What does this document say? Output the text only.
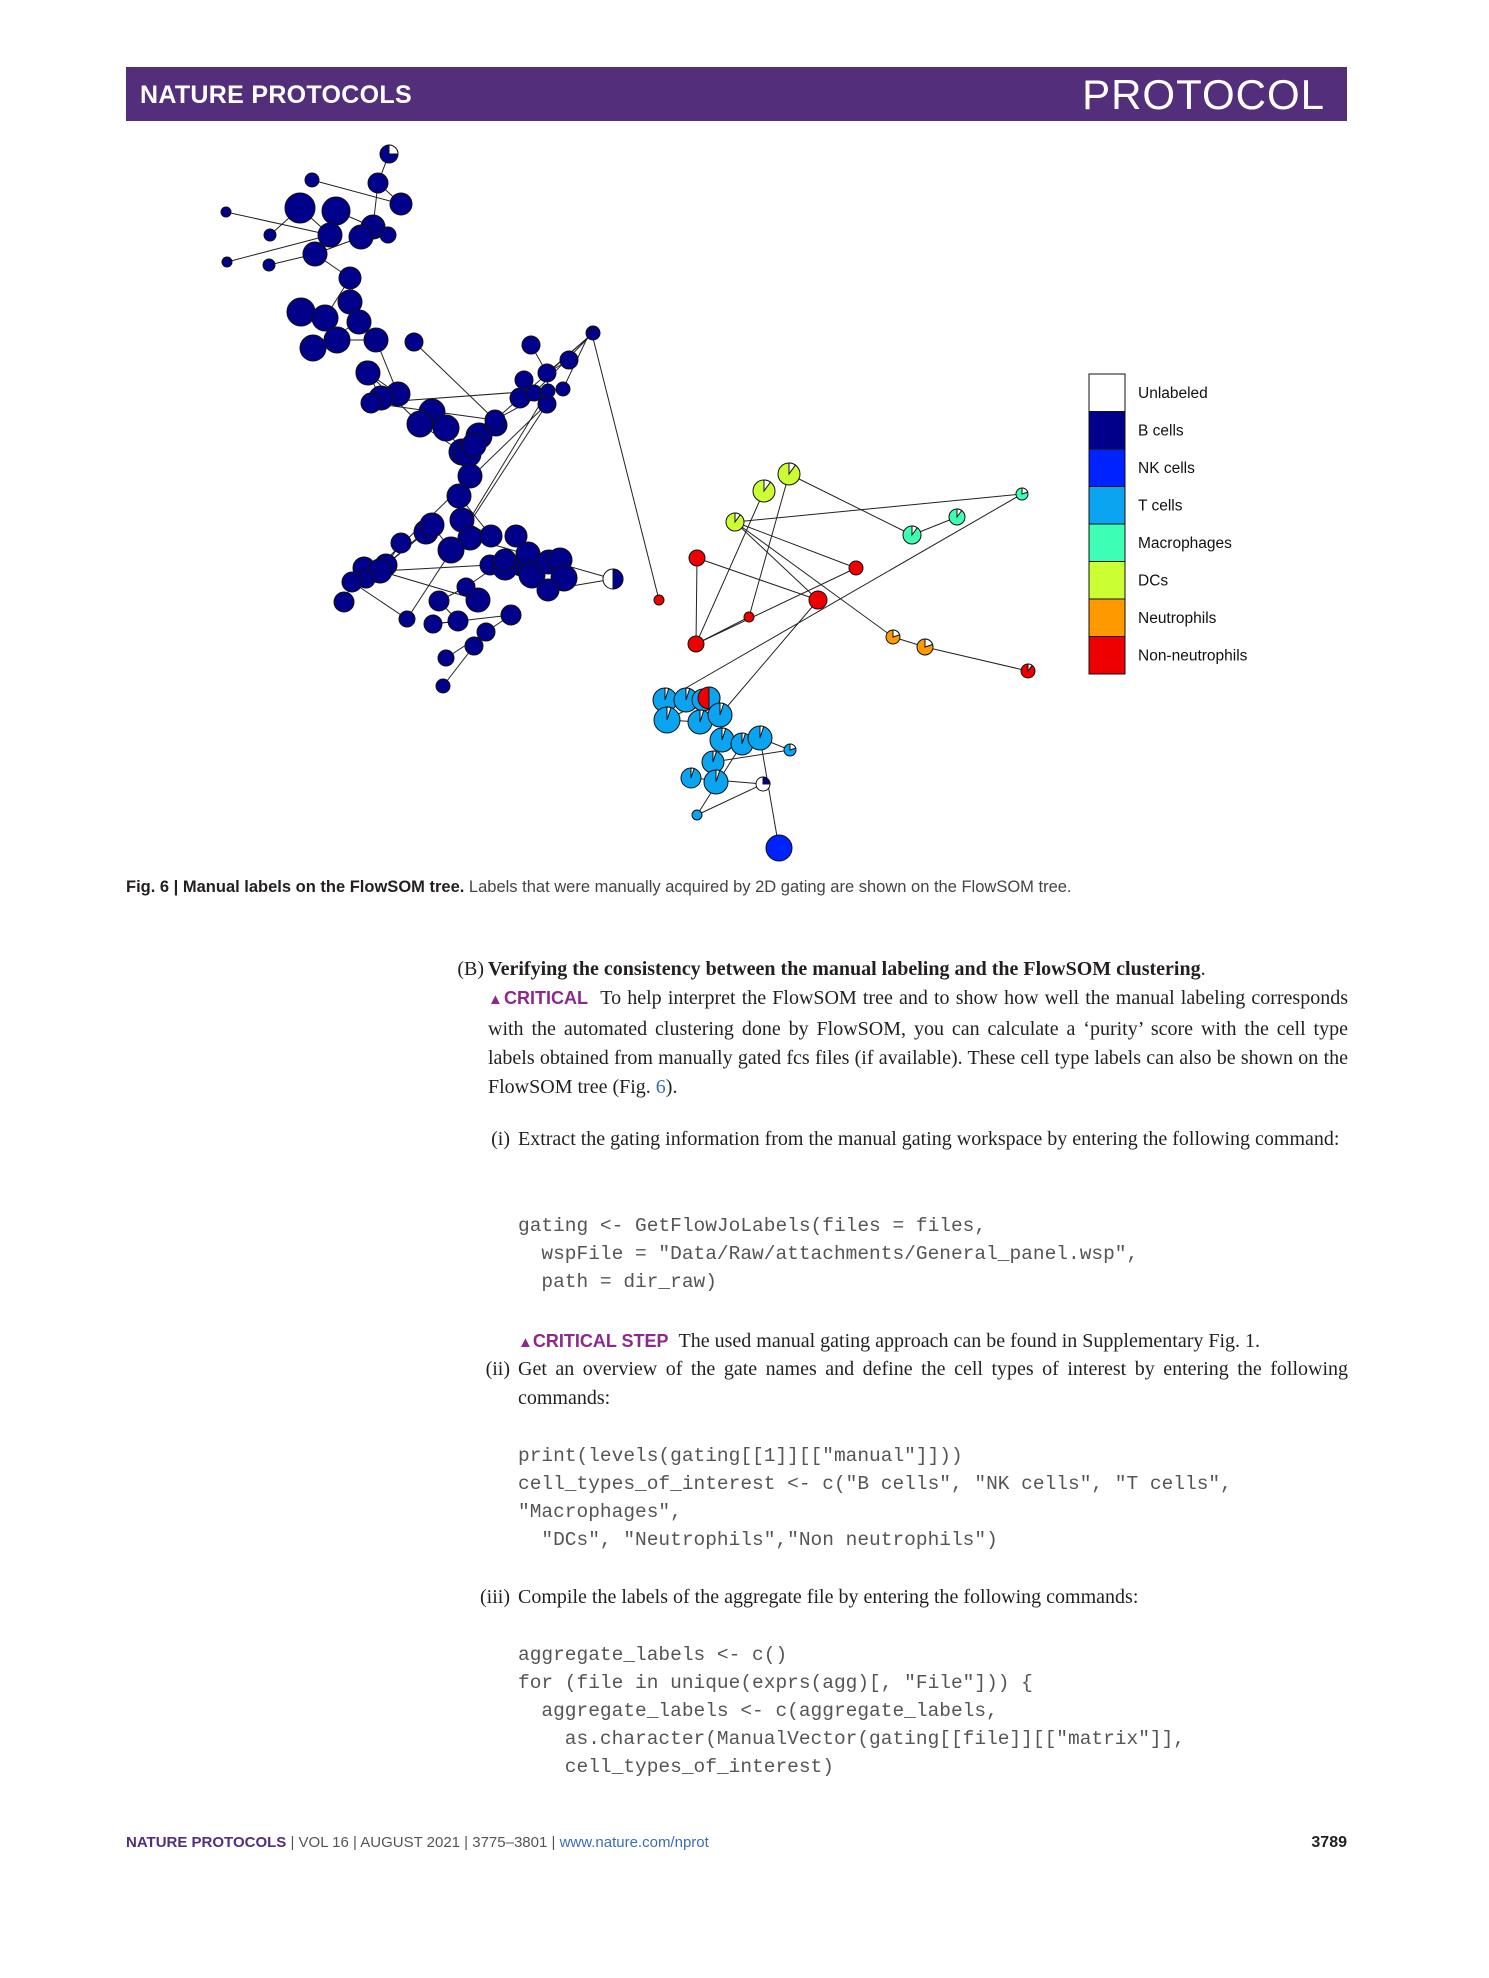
NATURE PROTOCOLS	PROTOCOL
Unlabeled
B cells
NK cells
T cells
Macrophages
DCs
Neutrophils
Non-neutrophils
Fig. 6 | Manual labels on the FlowSOM tree. Labels that were manually acquired by 2D gating are shown on the FlowSOM tree.
(B) Verifying the consistency between the manual labeling and the FlowSOM clustering.
▲CRITICAL To help interpret the FlowSOM tree and to show how well the manual labeling corresponds with the automated clustering done by FlowSOM, you can calculate a ‘purity’ score with the cell type labels obtained from manually gated fcs files (if available). These cell type labels can also be shown on the FlowSOM tree (Fig. 6).
(i) Extract the gating information from the manual gating workspace by entering the following command:
gating <- GetFlowJoLabels(files = files,
wspFile = "Data/Raw/attachments/General_panel.wsp",
path = dir_raw)
▲CRITICAL STEP The used manual gating approach can be found in Supplementary Fig. 1.
(ii) Get an overview of the gate names and define the cell types of interest by entering the following commands:
print(levels(gating[[1]][["manual"]]))
cell_types_of_interest <- c("B cells", "NK cells", "T cells",
"Macrophages",
"DCs", "Neutrophils","Non neutrophils")
(iii) Compile the labels of the aggregate file by entering the following commands:
aggregate_labels <- c()
for (file in unique(exprs(agg)[, "File"])) {
aggregate_labels <- c(aggregate_labels,
as.character(ManualVector(gating[[file]][["matrix"]],
cell_types_of_interest)
NATURE PROTOCOLS | VOL 16 | AUGUST 2021 | 3775–3801 | www.nature.com/nprot	3789
